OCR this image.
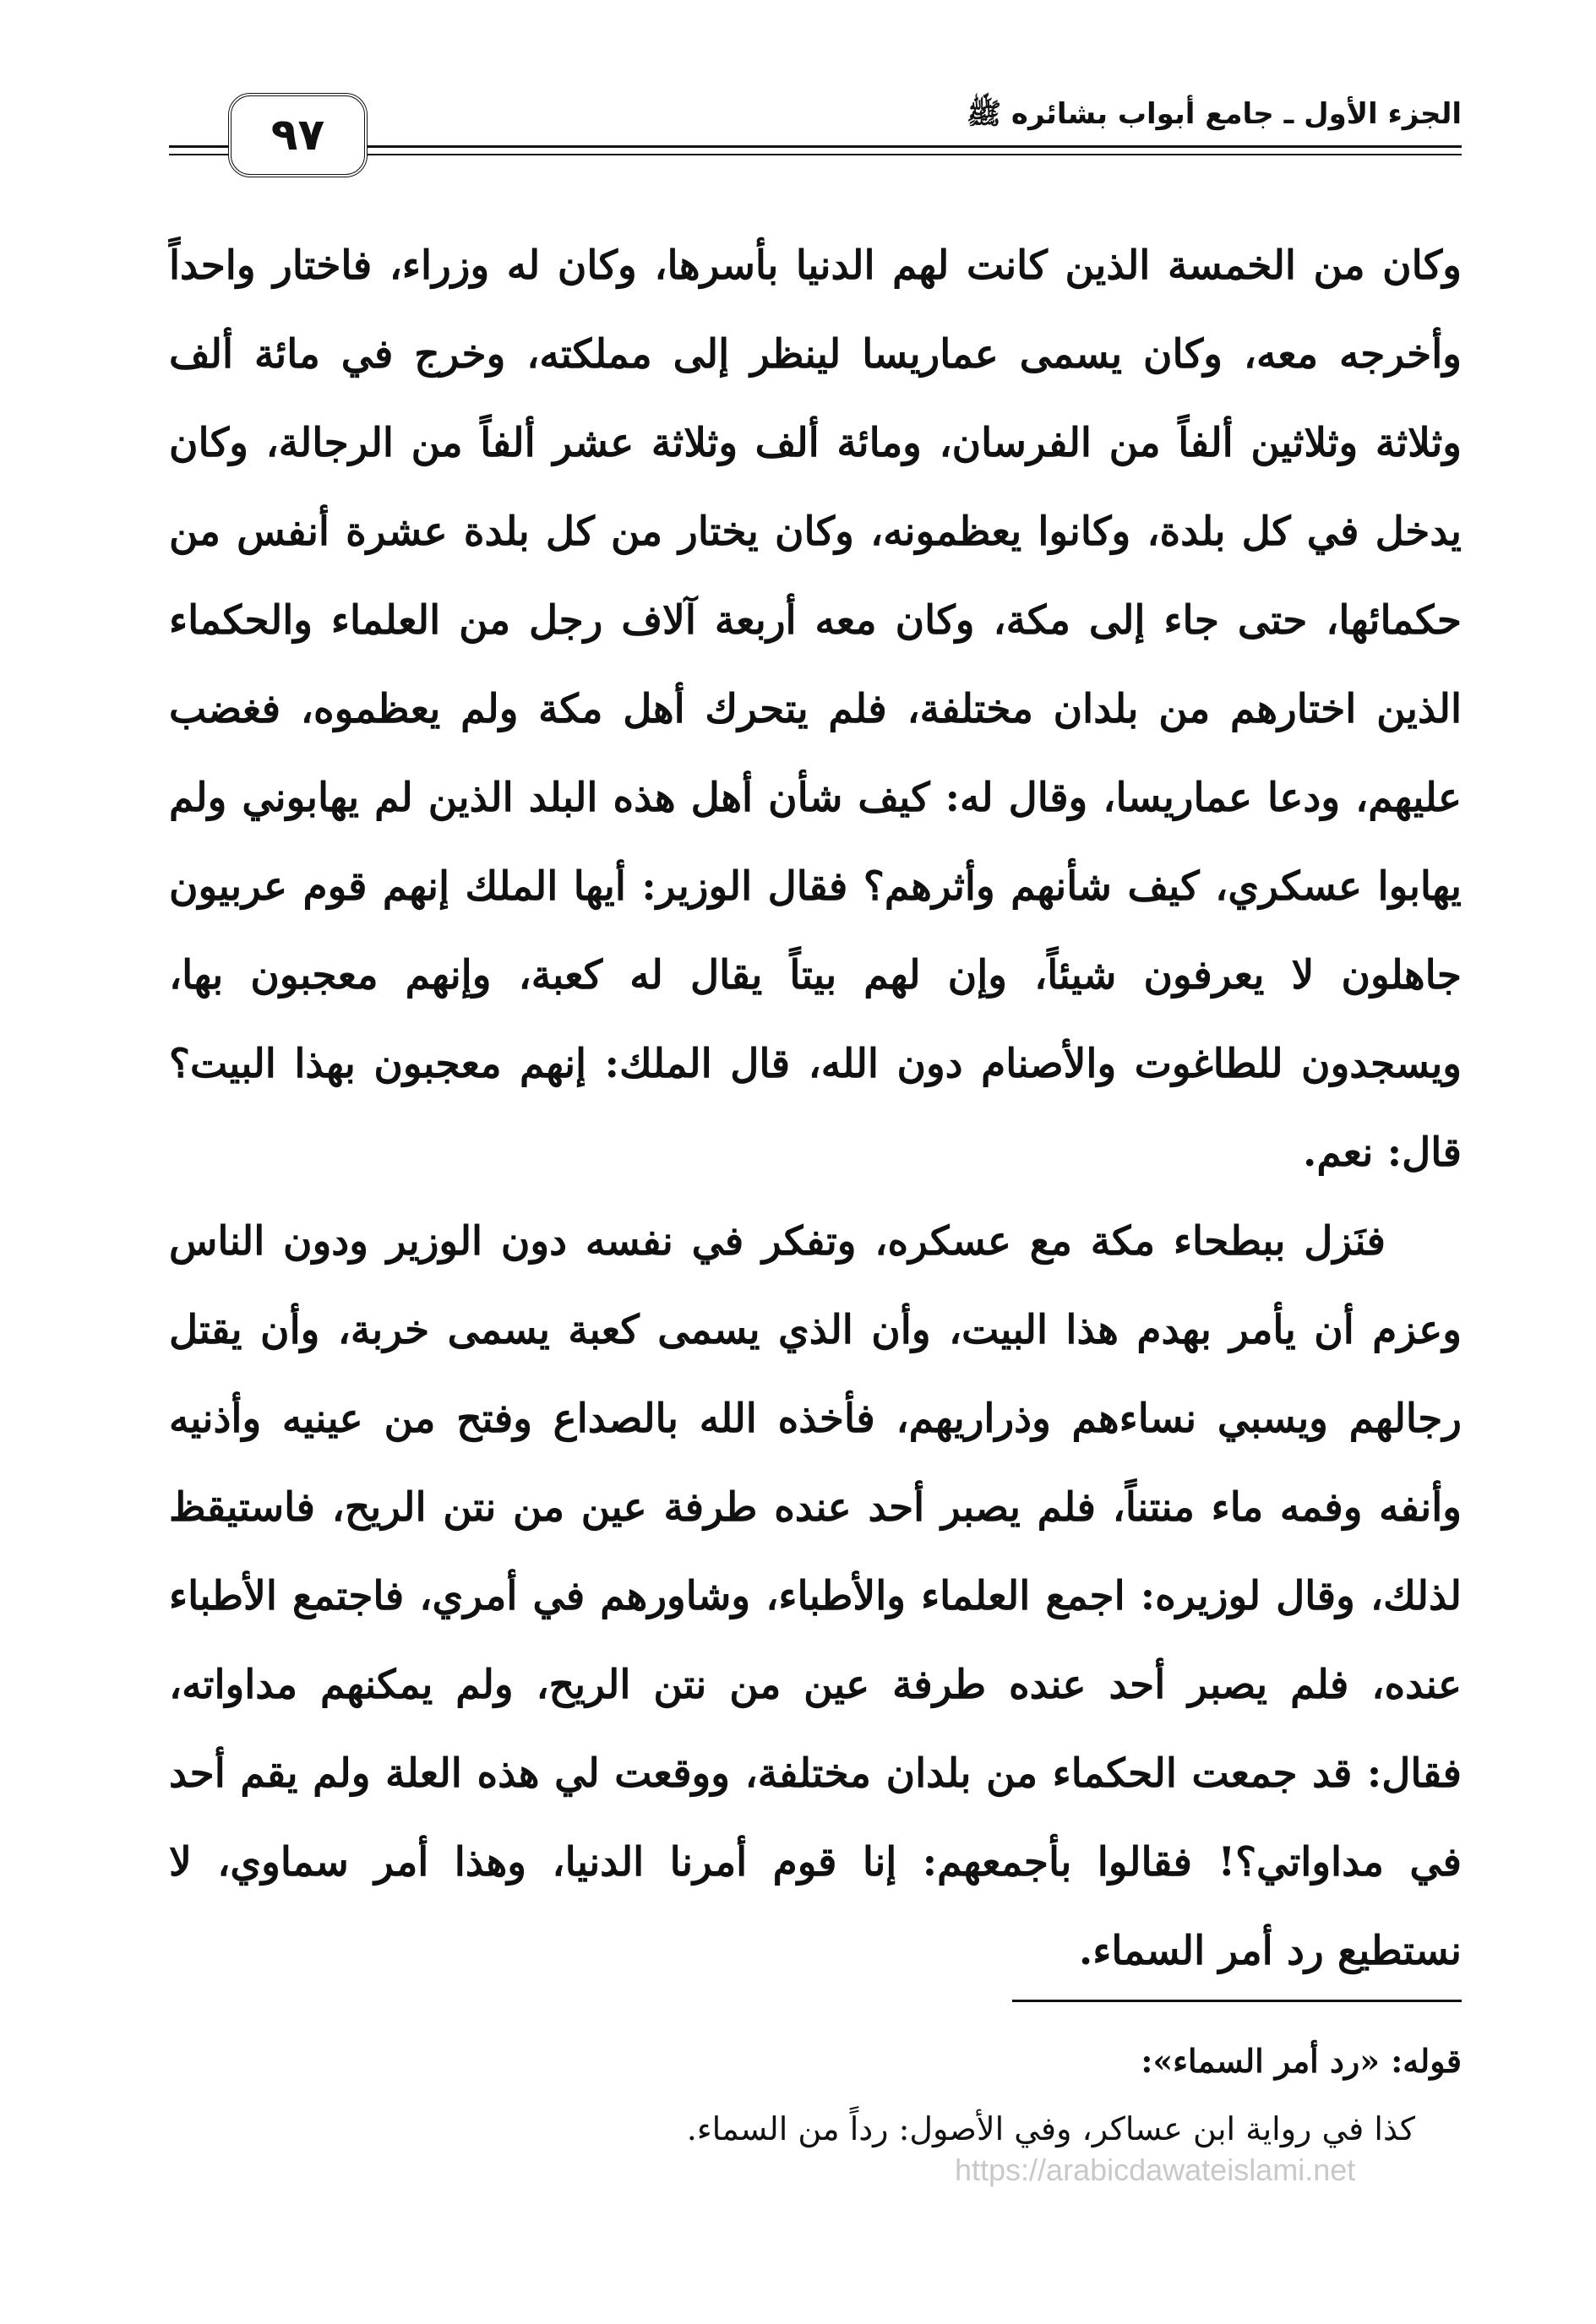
الجزء الأول ـ جامع أبواب بشائره ﷺ
٩٧

وكان من الخمسة الذين كانت لهم الدنيا بأسرها، وكان له وزراء، فاختار واحداً وأخرجه معه، وكان يسمى عماريسا لينظر إلى مملكته، وخرج في مائة ألف وثلاثة وثلاثين ألفاً من الفرسان، ومائة ألف وثلاثة عشر ألفاً من الرجالة، وكان يدخل في كل بلدة، وكانوا يعظمونه، وكان يختار من كل بلدة عشرة أنفس من حكمائها، حتى جاء إلى مكة، وكان معه أربعة آلاف رجل من العلماء والحكماء الذين اختارهم من بلدان مختلفة، فلم يتحرك أهل مكة ولم يعظموه، فغضب عليهم، ودعا عماريسا، وقال له: كيف شأن أهل هذه البلد الذين لم يهابوني ولم يهابوا عسكري، كيف شأنهم وأثرهم؟ فقال الوزير: أيها الملك إنهم قوم عربيون جاهلون لا يعرفون شيئاً، وإن لهم بيتاً يقال له كعبة، وإنهم معجبون بها، ويسجدون للطاغوت والأصنام دون الله، قال الملك: إنهم معجبون بهذا البيت؟ قال: نعم.

فنَزل ببطحاء مكة مع عسكره، وتفكر في نفسه دون الوزير ودون الناس وعزم أن يأمر بهدم هذا البيت، وأن الذي يسمى كعبة يسمى خربة، وأن يقتل رجالهم ويسبي نساءهم وذراريهم، فأخذه الله بالصداع وفتح من عينيه وأذنيه وأنفه وفمه ماء منتناً، فلم يصبر أحد عنده طرفة عين من نتن الريح، فاستيقظ لذلك، وقال لوزيره: اجمع العلماء والأطباء، وشاورهم في أمري، فاجتمع الأطباء عنده، فلم يصبر أحد عنده طرفة عين من نتن الريح، ولم يمكنهم مداواته، فقال: قد جمعت الحكماء من بلدان مختلفة، ووقعت لي هذه العلة ولم يقم أحد في مداواتي؟! فقالوا بأجمعهم: إنا قوم أمرنا الدنيا، وهذا أمر سماوي، لا نستطيع رد أمر السماء.

قوله: «رد أمر السماء»:

كذا في رواية ابن عساكر، وفي الأصول: رداً من السماء.

https://arabicdawateislami.net
